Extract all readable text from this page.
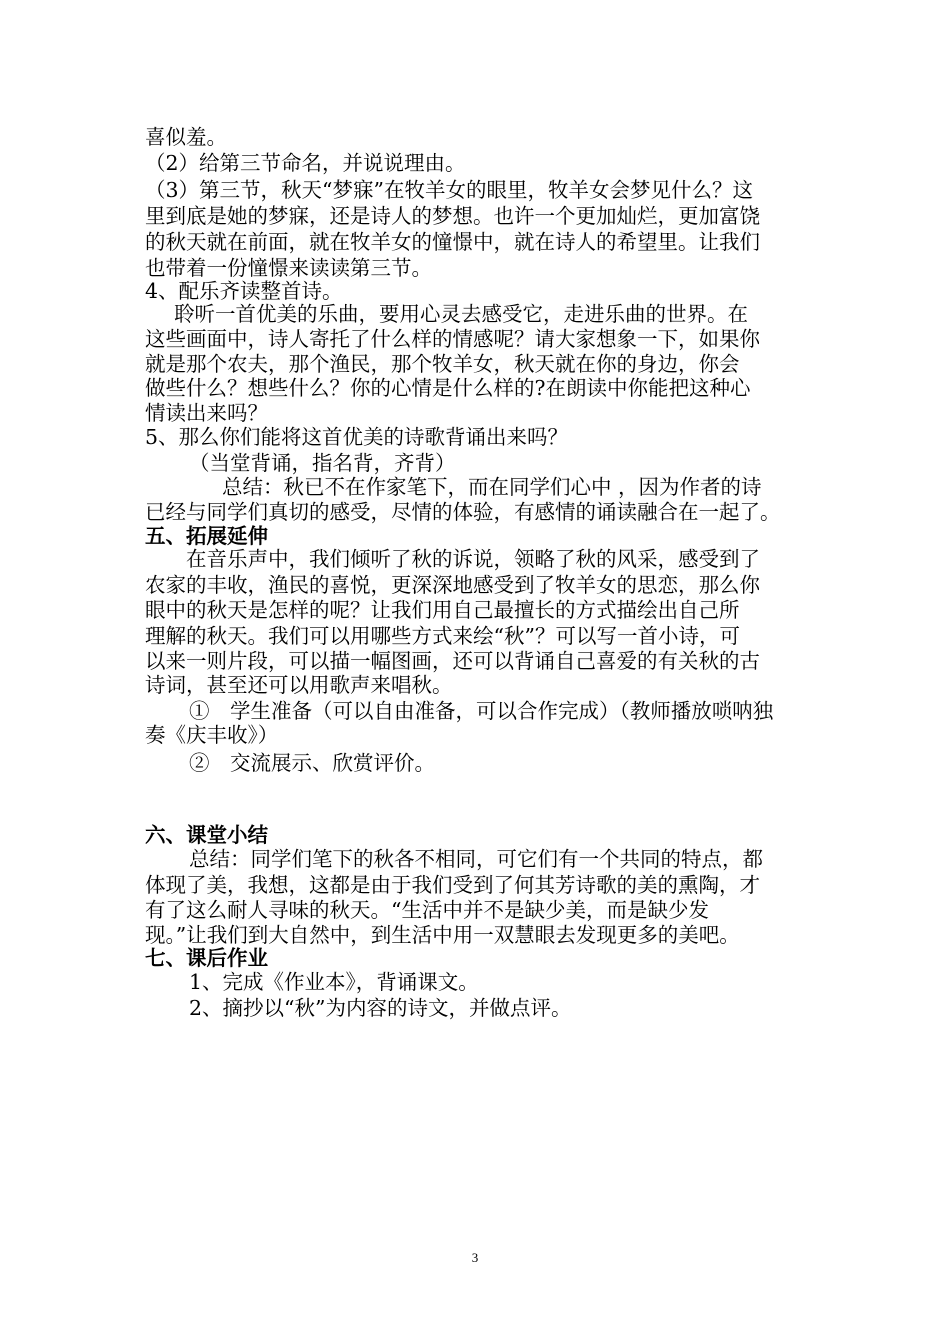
喜似羞。

（2）给第三节命名，并说说理由。

（3）第三节，秋天“梦寐”在牧羊女的眼里，牧羊女会梦见什么？这

里到底是她的梦寐，还是诗人的梦想。也许一个更加灿烂，更加富饶

的秋天就在前面，就在牧羊女的憧憬中，就在诗人的希望里。让我们

也带着一份憧憬来读读第三节。

4、配乐齐读整首诗。

聆听一首优美的乐曲，要用心灵去感受它，走进乐曲的世界。在

这些画面中，诗人寄托了什么样的情感呢？请大家想象一下，如果你

就是那个农夫，那个渔民，那个牧羊女，秋天就在你的身边，你会

做些什么？想些什么？你的心情是什么样的?在朗读中你能把这种心

情读出来吗？

5、那么你们能将这首优美的诗歌背诵出来吗？

（当堂背诵，指名背，齐背）

总结：秋已不在作家笔下，而在同学们心中 ，因为作者的诗

已经与同学们真切的感受，尽情的体验，有感情的诵读融合在一起了。

五、拓展延伸

在音乐声中，我们倾听了秋的诉说，领略了秋的风采，感受到了

农家的丰收，渔民的喜悦，更深深地感受到了牧羊女的思恋，那么你

眼中的秋天是怎样的呢？让我们用自己最擅长的方式描绘出自己所

理解的秋天。我们可以用哪些方式来绘“秋”？可以写一首小诗，可

以来一则片段，可以描一幅图画，还可以背诵自己喜爱的有关秋的古

诗词，甚至还可以用歌声来唱秋。

①　学生准备（可以自由准备，可以合作完成）（教师播放唢呐独

奏《庆丰收》）

②　交流展示、欣赏评价。

六、课堂小结

总结：同学们笔下的秋各不相同，可它们有一个共同的特点，都

体现了美，我想，这都是由于我们受到了何其芳诗歌的美的熏陶，才

有了这么耐人寻味的秋天。“生活中并不是缺少美，而是缺少发

现。”让我们到大自然中，到生活中用一双慧眼去发现更多的美吧。

七、课后作业

1、完成《作业本》，背诵课文。

2、摘抄以“秋”为内容的诗文，并做点评。

3
